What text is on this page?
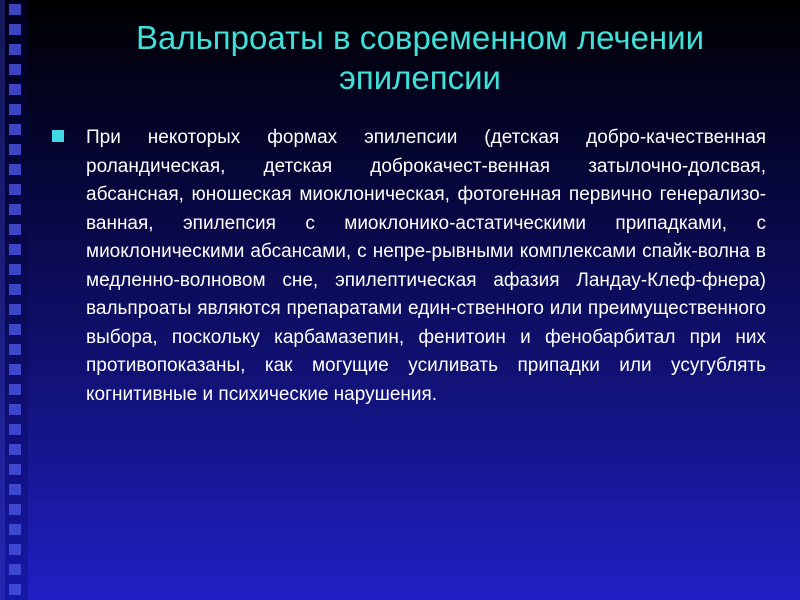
Вальпроаты в современном лечении эпилепсии

При некоторых формах эпилепсии (детская добро-качественная роландическая, детская доброкачест-венная затылочно-долсвая, абсансная, юношеская миоклоническая, фотогенная первично генерализо-ванная, эпилепсия с миоклонико-астатическими припадками, с миоклоническими абсансами, с непре-рывными комплексами спайк-волна в медленно-волновом сне, эпилептическая афазия Ландау-Клеф-фнера) вальпроаты являются препаратами един-ственного или преимущественного выбора, поскольку карбамазепин, фенитоин и фенобарбитал при них противопоказаны, как могущие усиливать припадки или усугублять когнитивные и психические нарушения.
